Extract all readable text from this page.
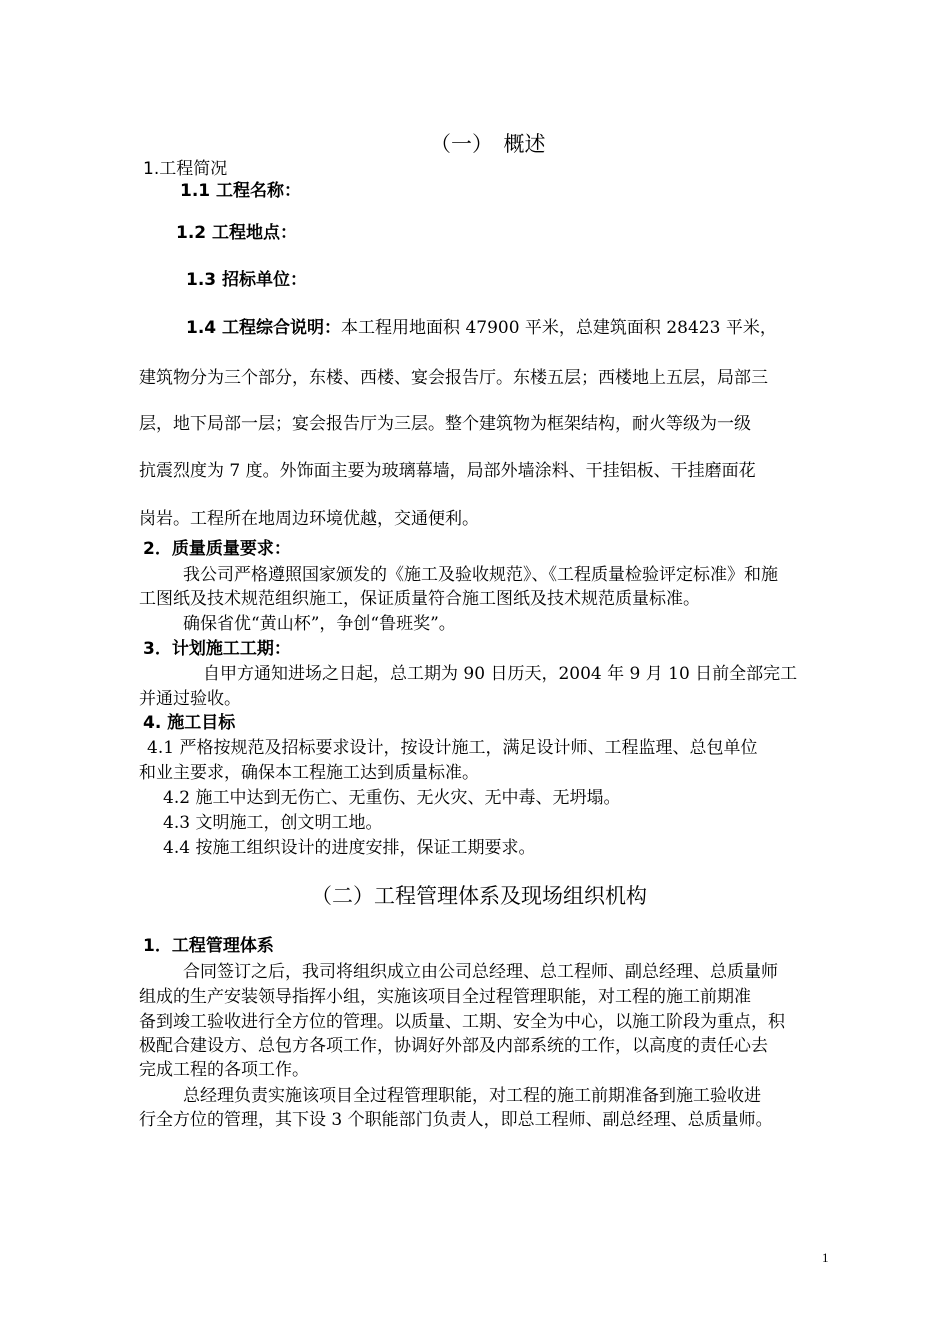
（一）　概述
1.工程简况
1.1 工程名称：
1.2 工程地点：
1.3 招标单位：
1.4 工程综合说明：本工程用地面积 47900 平米，总建筑面积 28423 平米，
建筑物分为三个部分，东楼、西楼、宴会报告厅。东楼五层；西楼地上五层，局部三
层，地下局部一层；宴会报告厅为三层。整个建筑物为框架结构，耐火等级为一级
抗震烈度为 7 度。外饰面主要为玻璃幕墙，局部外墙涂料、干挂铝板、干挂磨面花
岗岩。工程所在地周边环境优越，交通便利。
2．质量质量要求：
我公司严格遵照国家颁发的《施工及验收规范》、《工程质量检验评定标准》和施
工图纸及技术规范组织施工，保证质量符合施工图纸及技术规范质量标准。
确保省优“黄山杯”，争创“鲁班奖”。
3．计划施工工期：
自甲方通知进场之日起，总工期为 90 日历天，2004 年 9 月 10 日前全部完工
并通过验收。
4. 施工目标
4.1 严格按规范及招标要求设计，按设计施工，满足设计师、工程监理、总包单位
和业主要求，确保本工程施工达到质量标准。
4.2 施工中达到无伤亡、无重伤、无火灾、无中毒、无坍塌。
4.3 文明施工，创文明工地。
4.4 按施工组织设计的进度安排，保证工期要求。
（二）工程管理体系及现场组织机构
1．工程管理体系
合同签订之后，我司将组织成立由公司总经理、总工程师、副总经理、总质量师
组成的生产安装领导指挥小组，实施该项目全过程管理职能，对工程的施工前期准
备到竣工验收进行全方位的管理。以质量、工期、安全为中心，以施工阶段为重点，积
极配合建设方、总包方各项工作，协调好外部及内部系统的工作，以高度的责任心去
完成工程的各项工作。
总经理负责实施该项目全过程管理职能，对工程的施工前期准备到施工验收进
行全方位的管理，其下设 3 个职能部门负责人，即总工程师、副总经理、总质量师。
1
